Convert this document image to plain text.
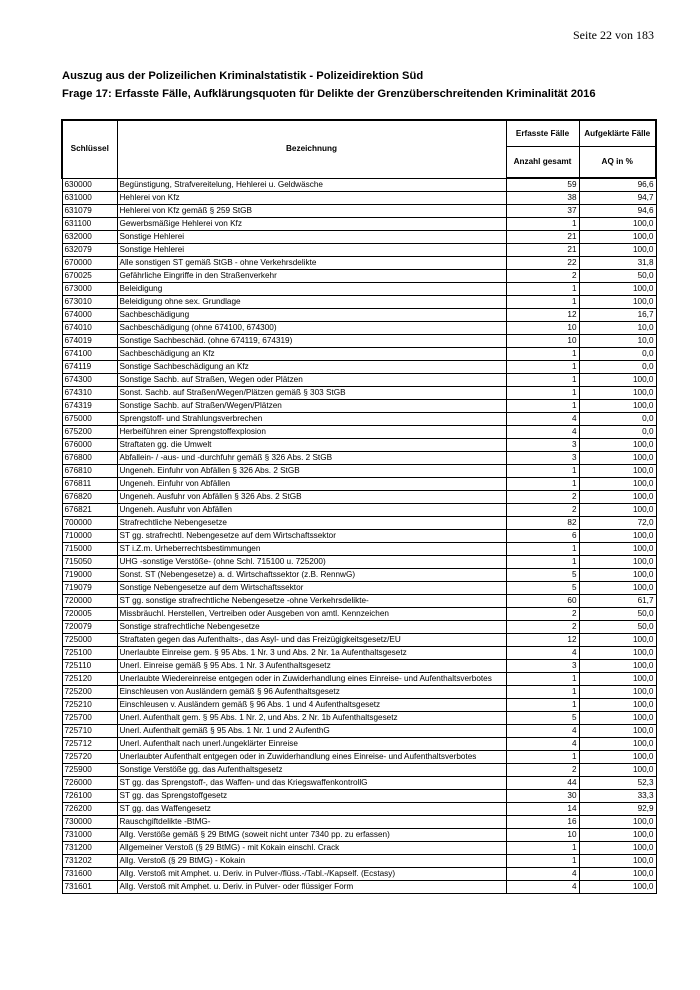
Seite 22 von 183
Auszug aus der Polizeilichen Kriminalstatistik - Polizeidirektion Süd
Frage 17: Erfasste Fälle, Aufklärungsquoten für Delikte der Grenzüberschreitenden Kriminalität 2016
Schlüssel	Bezeichnung	Erfasste Fälle	Aufgeklärte Fälle
		Anzahl gesamt	AQ in %
630000	Begünstigung, Strafvereitelung, Hehlerei u. Geldwäsche	59	96,6
631000	Hehlerei von Kfz	38	94,7
631079	Hehlerei von Kfz gemäß § 259 StGB	37	94,6
631100	Gewerbsmäßige Hehlerei von Kfz	1	100,0
632000	Sonstige Hehlerei	21	100,0
632079	Sonstige Hehlerei	21	100,0
670000	Alle sonstigen ST gemäß StGB - ohne Verkehrsdelikte	22	31,8
670025	Gefährliche Eingriffe in den Straßenverkehr	2	50,0
673000	Beleidigung	1	100,0
673010	Beleidigung ohne sex. Grundlage	1	100,0
674000	Sachbeschädigung	12	16,7
674010	Sachbeschädigung (ohne 674100, 674300)	10	10,0
674019	Sonstige Sachbeschäd. (ohne 674119, 674319)	10	10,0
674100	Sachbeschädigung an Kfz	1	0,0
674119	Sonstige Sachbeschädigung an Kfz	1	0,0
674300	Sonstige Sachb. auf Straßen, Wegen oder Plätzen	1	100,0
674310	Sonst. Sachb. auf Straßen/Wegen/Plätzen gemäß § 303 StGB	1	100,0
674319	Sonstige Sachb. auf Straßen/Wegen/Plätzen	1	100,0
675000	Sprengstoff- und Strahlungsverbrechen	4	0,0
675200	Herbeiführen einer Sprengstoffexplosion	4	0,0
676000	Straftaten gg. die Umwelt	3	100,0
676800	Abfallein- / -aus- und -durchfuhr gemäß § 326 Abs. 2 StGB	3	100,0
676810	Ungeneh. Einfuhr von Abfällen § 326 Abs. 2 StGB	1	100,0
676811	Ungeneh. Einfuhr von Abfällen	1	100,0
676820	Ungeneh. Ausfuhr von Abfällen § 326 Abs. 2 StGB	2	100,0
676821	Ungeneh. Ausfuhr von Abfällen	2	100,0
700000	Strafrechtliche Nebengesetze	82	72,0
710000	ST gg. strafrechtl. Nebengesetze auf dem Wirtschaftssektor	6	100,0
715000	ST i.Z.m. Urheberrechtsbestimmungen	1	100,0
715050	UHG -sonstige Verstöße- (ohne Schl. 715100 u. 725200)	1	100,0
719000	Sonst. ST (Nebengesetze) a. d. Wirtschaftssektor (z.B. RennwG)	5	100,0
719079	Sonstige Nebengesetze auf dem Wirtschaftssektor	5	100,0
720000	ST gg. sonstige strafrechtliche Nebengesetze -ohne Verkehrsdelikte-	60	61,7
720005	Missbräuchl. Herstellen, Vertreiben oder Ausgeben von amtl. Kennzeichen	2	50,0
720079	Sonstige strafrechtliche Nebengesetze	2	50,0
725000	Straftaten gegen das Aufenthalts-, das Asyl- und das Freizügigkeitsgesetz/EU	12	100,0
725100	Unerlaubte Einreise gem. § 95 Abs. 1 Nr. 3 und Abs. 2 Nr. 1a Aufenthaltsgesetz	4	100,0
725110	Unerl. Einreise gemäß § 95 Abs. 1 Nr. 3 Aufenthaltsgesetz	3	100,0
725120	Unerlaubte Wiedereinreise entgegen oder in Zuwiderhandlung eines Einreise- und Aufenthaltsverbotes	1	100,0
725200	Einschleusen von Ausländern gemäß § 96 Aufenthaltsgesetz	1	100,0
725210	Einschleusen v. Ausländern gemäß § 96 Abs. 1 und 4 Aufenthaltsgesetz	1	100,0
725700	Unerl. Aufenthalt gem. § 95 Abs. 1 Nr. 2, und Abs. 2 Nr. 1b Aufenthaltsgesetz	5	100,0
725710	Unerl. Aufenthalt gemäß § 95 Abs. 1 Nr. 1 und 2 AufenthG	4	100,0
725712	Unerl. Aufenthalt nach unerl./ungeklärter Einreise	4	100,0
725720	Unerlaubter Aufenthalt entgegen oder in Zuwiderhandlung eines Einreise- und Aufenthaltsverbotes	1	100,0
725900	Sonstige Verstöße gg. das Aufenthaltsgesetz	2	100,0
726000	ST gg. das Sprengstoff-, das Waffen- und das KriegswaffenkontrollG	44	52,3
726100	ST gg. das Sprengstoffgesetz	30	33,3
726200	ST gg. das Waffengesetz	14	92,9
730000	Rauschgiftdelikte -BtMG-	16	100,0
731000	Allg. Verstöße gemäß § 29 BtMG (soweit nicht unter 7340 pp. zu erfassen)	10	100,0
731200	Allgemeiner Verstoß (§ 29 BtMG) - mit Kokain einschl. Crack	1	100,0
731202	Allg. Verstoß (§ 29 BtMG) - Kokain	1	100,0
731600	Allg. Verstoß mit Amphet. u. Deriv. in Pulver-/flüss.-/Tabl.-/Kapself. (Ecstasy)	4	100,0
731601	Allg. Verstoß mit Amphet. u. Deriv. in Pulver- oder flüssiger Form	4	100,0
